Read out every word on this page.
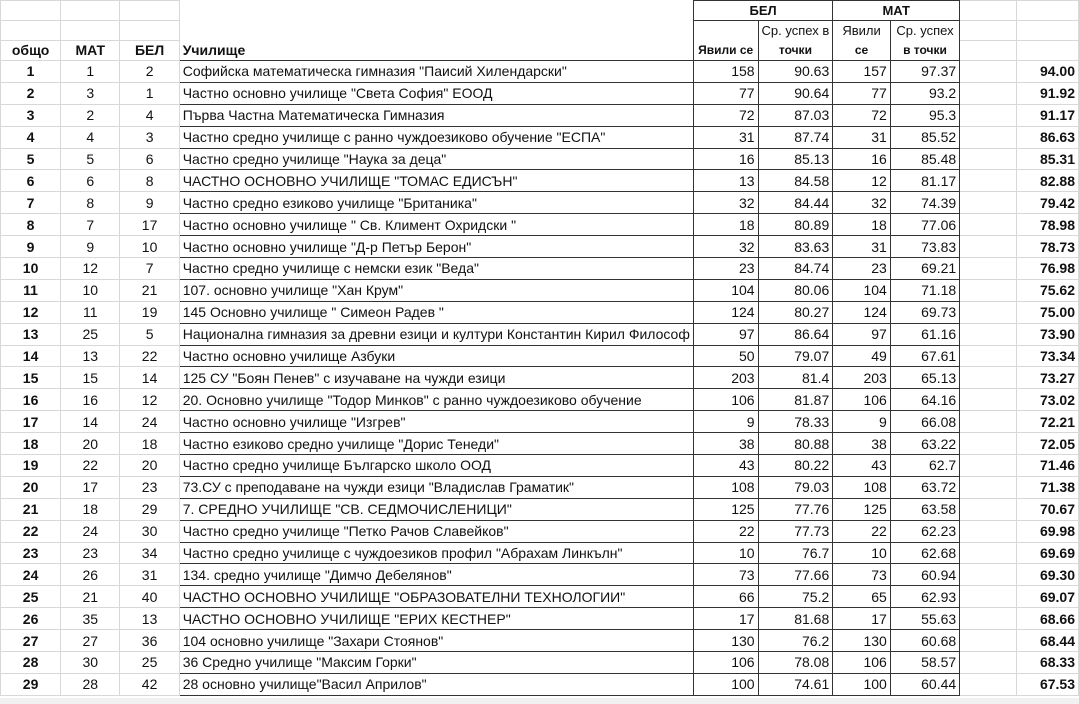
				БЕЛ		МАТ			
					Ср. успех в	Явили	Ср. успех		
общо	МАТ	БЕЛ	Училище	Явили се	точки	се	в точки		
1	1	2	Софийска математическа гимназия "Паисий Хилендарски"	158	90.63	157	97.37		94.00
2	3	1	Частно основно училище "Света София" ЕООД	77	90.64	77	93.2		91.92
3	2	4	Първа Частна Математическа Гимназия	72	87.03	72	95.3		91.17
4	4	3	Частно средно училище с ранно чуждоезиково обучение "ЕСПА"	31	87.74	31	85.52		86.63
5	5	6	Частно средно училище "Наука за деца"	16	85.13	16	85.48		85.31
6	6	8	ЧАСТНО ОСНОВНО УЧИЛИЩЕ "ТОМАС ЕДИСЪН"	13	84.58	12	81.17		82.88
7	8	9	Частно средно езиково училище "Британика"	32	84.44	32	74.39		79.42
8	7	17	Частно основно училище " Св. Климент Охридски "	18	80.89	18	77.06		78.98
9	9	10	Частно основно училище "Д-р Петър Берон"	32	83.63	31	73.83		78.73
10	12	7	Частно средно училище с немски език "Веда"	23	84.74	23	69.21		76.98
11	10	21	107. основно училище "Хан Крум"	104	80.06	104	71.18		75.62
12	11	19	145 Основно училище " Симеон Радев "	124	80.27	124	69.73		75.00
13	25	5	Национална гимназия за древни езици и култури Константин Кирил Философ	97	86.64	97	61.16		73.90
14	13	22	Частно основно училище Азбуки	50	79.07	49	67.61		73.34
15	15	14	125 СУ "Боян Пенев" с изучаване на чужди езици	203	81.4	203	65.13		73.27
16	16	12	20. Основно училище "Тодор Минков" с ранно чуждоезиково обучение	106	81.87	106	64.16		73.02
17	14	24	Частно основно училище "Изгрев"	9	78.33	9	66.08		72.21
18	20	18	Частно езиково средно училище "Дорис Тенеди"	38	80.88	38	63.22		72.05
19	22	20	Частно средно училище Българско школо ООД	43	80.22	43	62.7		71.46
20	17	23	73.СУ с преподаване на чужди езици "Владислав Граматик"	108	79.03	108	63.72		71.38
21	18	29	7. СРЕДНО УЧИЛИЩЕ "СВ. СЕДМОЧИСЛЕНИЦИ"	125	77.76	125	63.58		70.67
22	24	30	Частно средно училище "Петко Рачов Славейков"	22	77.73	22	62.23		69.98
23	23	34	Частно средно училище с чуждоезиков профил "Абрахам Линкълн"	10	76.7	10	62.68		69.69
24	26	31	134. средно училище "Димчо Дебелянов"	73	77.66	73	60.94		69.30
25	21	40	ЧАСТНО ОСНОВНО УЧИЛИЩЕ "ОБРАЗОВАТЕЛНИ ТЕХНОЛОГИИ"	66	75.2	65	62.93		69.07
26	35	13	ЧАСТНО ОСНОВНО УЧИЛИЩЕ "ЕРИХ КЕСТНЕР"	17	81.68	17	55.63		68.66
27	27	36	104 основно училище "Захари Стоянов"	130	76.2	130	60.68		68.44
28	30	25	36 Средно училище "Максим Горки"	106	78.08	106	58.57		68.33
29	28	42	28 основно училище"Васил Априлов"	100	74.61	100	60.44		67.53
